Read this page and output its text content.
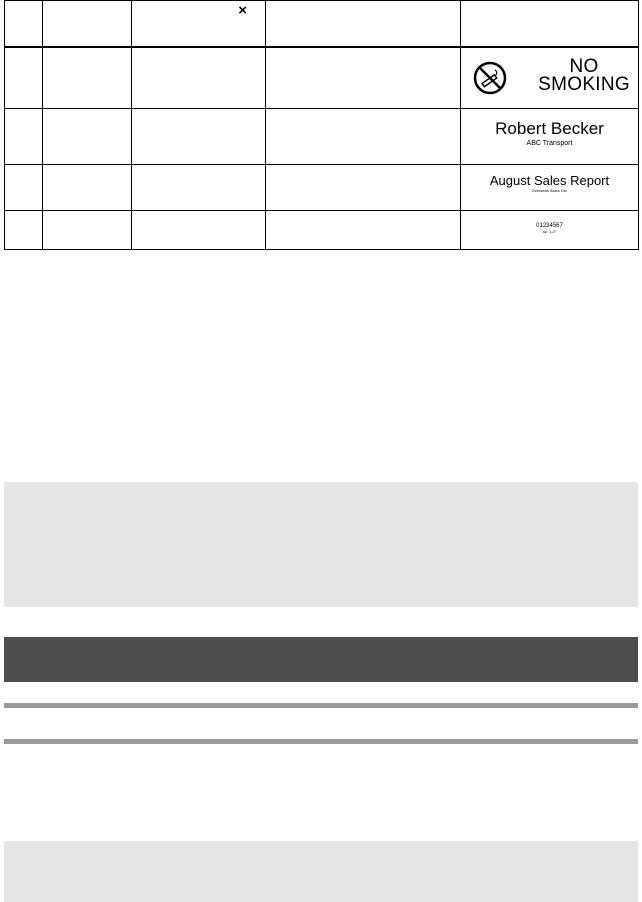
		×		

				NO
SMOKING

				Robert Becker
ABC Transport

				August Sales Report
Overseas Sales Div.

				01234567
sz: 1.2"
